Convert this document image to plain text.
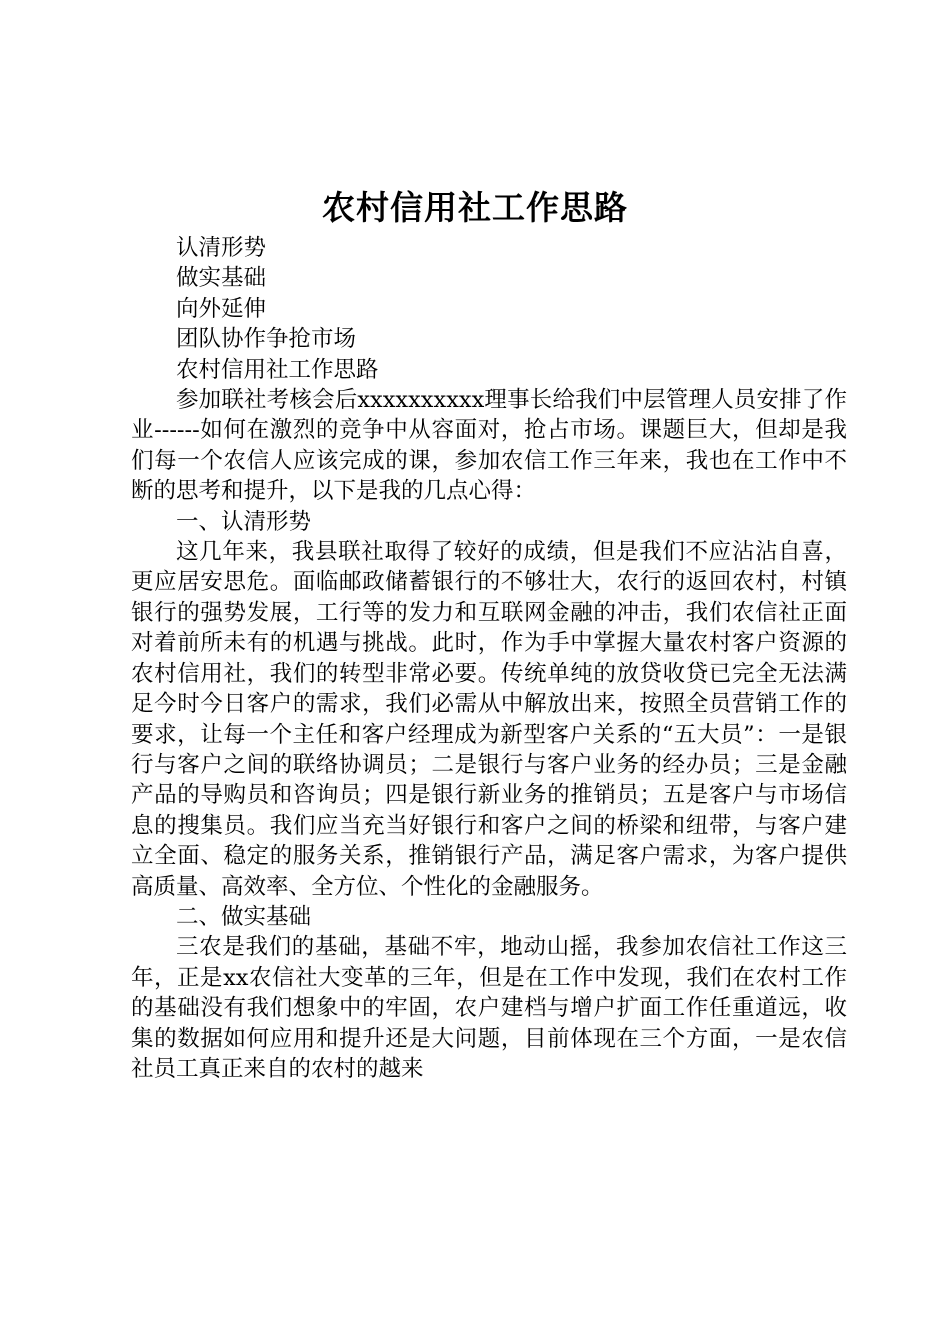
农村信用社工作思路

认清形势

做实基础

向外延伸

团队协作争抢市场

农村信用社工作思路

参加联社考核会后xxxxxxxxxx理事长给我们中层管理人员安排了作业------如何在激烈的竞争中从容面对，抢占市场。课题巨大，但却是我们每一个农信人应该完成的课，参加农信工作三年来，我也在工作中不断的思考和提升，以下是我的几点心得：

一、认清形势

这几年来，我县联社取得了较好的成绩，但是我们不应沾沾自喜，更应居安思危。面临邮政储蓄银行的不够壮大，农行的返回农村，村镇银行的强势发展，工行等的发力和互联网金融的冲击，我们农信社正面对着前所未有的机遇与挑战。此时，作为手中掌握大量农村客户资源的农村信用社，我们的转型非常必要。传统单纯的放贷收贷已完全无法满足今时今日客户的需求，我们必需从中解放出来，按照全员营销工作的要求，让每一个主任和客户经理成为新型客户关系的“五大员”：一是银行与客户之间的联络协调员；二是银行与客户业务的经办员；三是金融产品的导购员和咨询员；四是银行新业务的推销员；五是客户与市场信息的搜集员。我们应当充当好银行和客户之间的桥梁和纽带，与客户建立全面、稳定的服务关系，推销银行产品，满足客户需求，为客户提供高质量、高效率、全方位、个性化的金融服务。

二、做实基础

三农是我们的基础，基础不牢，地动山摇，我参加农信社工作这三年，正是xx农信社大变革的三年，但是在工作中发现，我们在农村工作的基础没有我们想象中的牢固，农户建档与增户扩面工作任重道远，收集的数据如何应用和提升还是大问题，目前体现在三个方面，一是农信社员工真正来自的农村的越来
